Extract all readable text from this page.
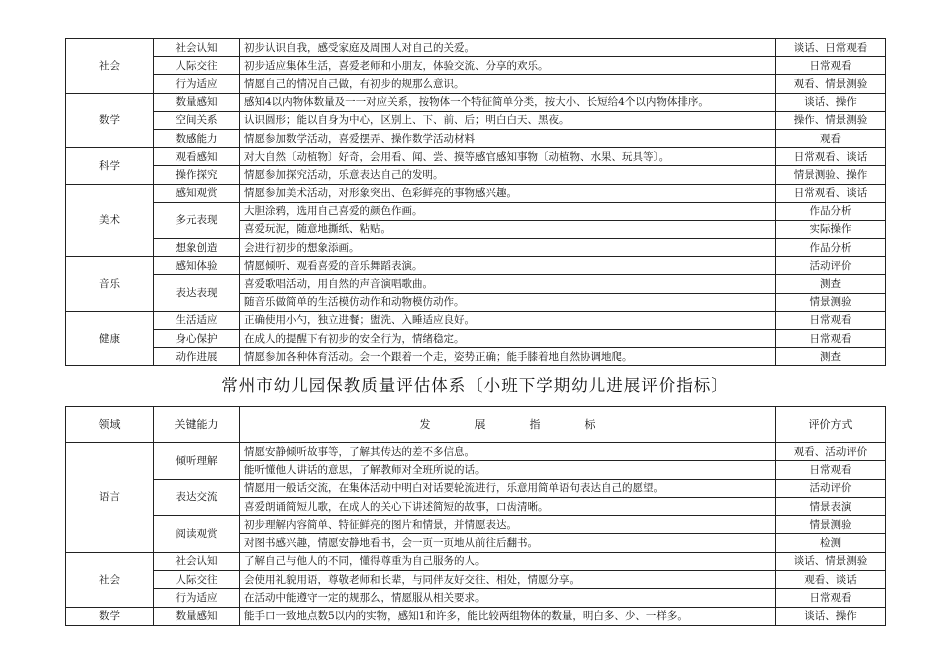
社会	社会认知	初步认识自我，感受家庭及周围人对自己的关爱。	谈话、日常观看
	人际交往	初步适应集体生活，喜爱老师和小朋友，体验交流、分享的欢乐。	日常观看
	行为适应	情愿自己的情况自己做，有初步的规那么意识。	观看、情景测验
数学	数量感知	感知4以内物体数量及一一对应关系，按物体一个特征简单分类，按大小、长短给4个以内物体排序。	谈话、操作
	空间关系	认识圆形；能以自身为中心，区别上、下、前、后；明白白天、黑夜。	操作、情景测验
	数感能力	情愿参加数学活动，喜爱摆弄、操作数学活动材料	观看
科学	观看感知	对大自然〔动植物〕好奇，会用看、闻、尝、摸等感官感知事物〔动植物、水果、玩具等〕。	日常观看、谈话
	操作探究	情愿参加探究活动，乐意表达自己的发明。	情景测验、操作
美术	感知观赏	情愿参加美术活动，对形象突出、色彩鲜亮的事物感兴趣。	日常观看、谈话
	多元表现	大胆涂鸦，选用自己喜爱的颜色作画。	作品分析
		喜爱玩泥，随意地撕纸、粘贴。	实际操作
	想象创造	会进行初步的想象添画。	作品分析
音乐	感知体验	情愿倾听、观看喜爱的音乐舞蹈表演。	活动评价
	表达表现	喜爱歌唱活动，用自然的声音演唱歌曲。	测查
		随音乐做简单的生活模仿动作和动物模仿动作。	情景测验
健康	生活适应	正确使用小勺，独立进餐；盥洗、入睡适应良好。	日常观看
	身心保护	在成人的提醒下有初步的安全行为，情绪稳定。	日常观看
	动作进展	情愿参加各种体育活动。会一个跟着一个走，姿势正确；能手膝着地自然协调地爬。	测查
常州市幼儿园保教质量评估体系〔小班下学期幼儿进展评价指标〕
领域	关键能力	发 展 指 标	评价方式
语言	倾听理解	情愿安静倾听故事等，了解其传达的差不多信息。	观看、活动评价
		能听懂他人讲话的意思，了解教师对全班所说的话。	日常观看
	表达交流	情愿用一般话交流，在集体活动中明白对话要轮流进行，乐意用简单语句表达自己的愿望。	活动评价
		喜爱朗诵简短儿歌，在成人的关心下讲述简短的故事，口齿清晰。	情景表演
	阅读观赏	初步理解内容简单、特征鲜亮的图片和情景，并情愿表达。	情景测验
		对图书感兴趣，情愿安静地看书，会一页一页地从前往后翻书。	检测
社会	社会认知	了解自己与他人的不同，懂得尊重为自己服务的人。	谈话、情景测验
	人际交往	会使用礼貌用语，尊敬老师和长辈，与同伴友好交往、相处，情愿分享。	观看、谈话
	行为适应	在活动中能遵守一定的规那么，情愿服从相关要求。	日常观看
数学	数量感知	能手口一致地点数5以内的实物，感知1和许多，能比较两组物体的数量，明白多、少、一样多。	谈话、操作
